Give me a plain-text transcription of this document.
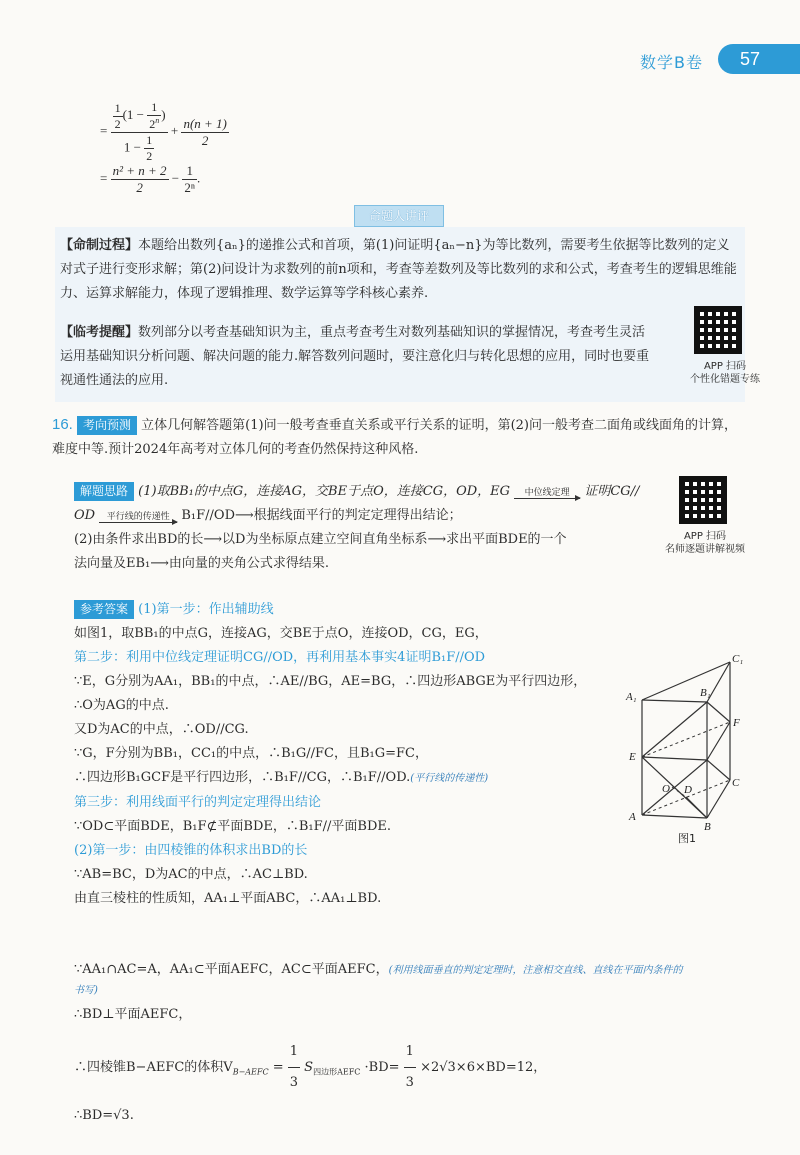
数学B卷	57
= $\frac{\frac{1}{2} (1 - \frac{1}{2^n} )}{1 - \frac{1}{2}} + \frac{n(n + 1)}{2}$
= $\frac{\text{n² + n + 2}}{2} - \frac{1}{\text{2ⁿ}}$ .
命题人讲评
【命制过程】本题给出数列{aₙ}的递推公式和首项，第(1)问证明{aₙ−n}为等比数列，需要考生依据等比数列的定义对式子进行变形求解；第(2)问设计为求数列的前n项和，考查等差数列及等比数列的求和公式，考查考生的逻辑思维能力、运算求解能力，体现了逻辑推理、数学运算等学科核心素养.
【临考提醒】数列部分以考查基础知识为主，重点考查考生对数列基础知识的掌握情况，考查考生灵活运用基础知识分析问题、解决问题的能力.解答数列问题时，要注意化归与转化思想的应用，同时也要重视通性通法的应用.
APP 扫码
个性化错题专练
16. 考向预测 立体几何解答题第(1)问一般考查垂直关系或平行关系的证明，第(2)问一般考查二面角或线面角的计算，难度中等.预计2024年高考对立体几何的考查仍然保持这种风格.
解题思路 (1)取BB₁的中点G，连接AG，交BE于点O，连接CG，OD，EG	中位线定理	证明CG//
OD	平行线的传递性 B₁F//OD⟶根据线面平行的判定定理得出结论；
(2)由条件求出BD的长⟶以D为坐标原点建立空间直角坐标系⟶求出平面BDE的一个
法向量及EB₁⟶由向量的夹角公式求得结果.
APP 扫码
名师逐题讲解视频
参考答案 (1)第一步：作出辅助线
如图1，取BB₁的中点G，连接AG，交BE于点O，连接OD，CG，EG，
第二步：利用中位线定理证明CG//OD，再利用基本事实4证明B₁F//OD
∵E，G分别为AA₁，BB₁的中点，∴AE//BG，AE=BG，∴四边形ABGE为平行四边形，
∴O为AG的中点.
又D为AC的中点，∴OD//CG.
∵G，F分别为BB₁，CC₁的中点，∴B₁G//FC，且B₁G=FC，
∴四边形B₁GCF是平行四边形，∴B₁F//CG，∴B₁F//OD.(平行线的传递性)
第三步：利用线面平行的判定定理得出结论
∵OD⊂平面BDE，B₁F⊄平面BDE，∴B₁F//平面BDE.
(2)第一步：由四棱锥的体积求出BD的长
∵AB=BC，D为AC的中点，∴AC⊥BD.
由直三棱柱的性质知，AA₁⊥平面ABC，∴AA₁⊥BD.
∵AA₁∩AC=A，AA₁⊂平面AEFC，AC⊂平面AEFC，(利用线面垂直的判定定理时，注意相交直线、直线在平面内条件的
书写)
∴BD⊥平面AEFC，
∴四棱锥B−AEFC的体积$V_{B-AEFC} = \frac{1}{3} S_{四边形AEFC} \cdot BD= \frac{1}{3} \times 2√3\times 6\times BD=12$，
∴BD=√3.
A₁	B₁
C₁
E
F
O D
A
B
C
图1
